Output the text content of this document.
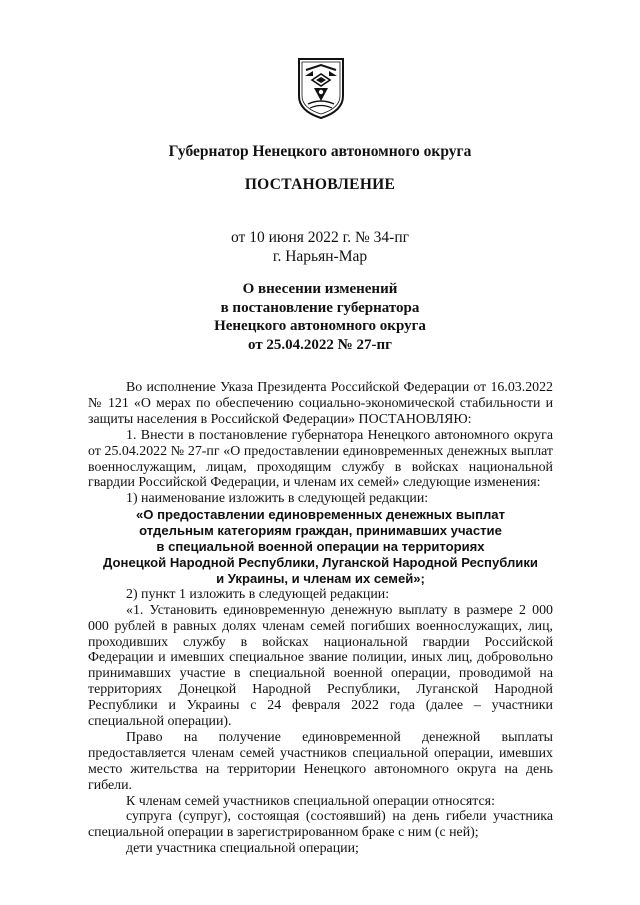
Губернатор Ненецкого автономного округа
ПОСТАНОВЛЕНИЕ
от 10 июня 2022 г. № 34-пг
г. Нарьян-Мар
О внесении изменений
в постановление губернатора
Ненецкого автономного округа
от 25.04.2022 № 27-пг

Во исполнение Указа Президента Российской Федерации от 16.03.2022 № 121 «О мерах по обеспечению социально-экономической стабильности и защиты населения в Российской Федерации» ПОСТАНОВЛЯЮ:

1. Внести в постановление губернатора Ненецкого автономного округа от 25.04.2022 № 27-пг «О предоставлении единовременных денежных выплат военнослужащим, лицам, проходящим службу в войсках национальной гвардии Российской Федерации, и членам их семей» следующие изменения:

1) наименование изложить в следующей редакции:

«О предоставлении единовременных денежных выплат
отдельным категориям граждан, принимавших участие
в специальной военной операции на территориях
Донецкой Народной Республики, Луганской Народной Республики
и Украины, и членам их семей»;

2) пункт 1 изложить в следующей редакции:

«1. Установить единовременную денежную выплату в размере 2 000 000 рублей в равных долях членам семей погибших военнослужащих, лиц, проходивших службу в войсках национальной гвардии Российской Федерации и имевших специальное звание полиции, иных лиц, добровольно принимавших участие в специальной военной операции, проводимой на территориях Донецкой Народной Республики, Луганской Народной Республики и Украины с 24 февраля 2022 года (далее – участники специальной операции).

Право на получение единовременной денежной выплаты предоставляется членам семей участников специальной операции, имевших место жительства на территории Ненецкого автономного округа на день гибели.

К членам семей участников специальной операции относятся:

супруга (супруг), состоящая (состоявший) на день гибели участника специальной операции в зарегистрированном браке с ним (с ней);

дети участника специальной операции;
